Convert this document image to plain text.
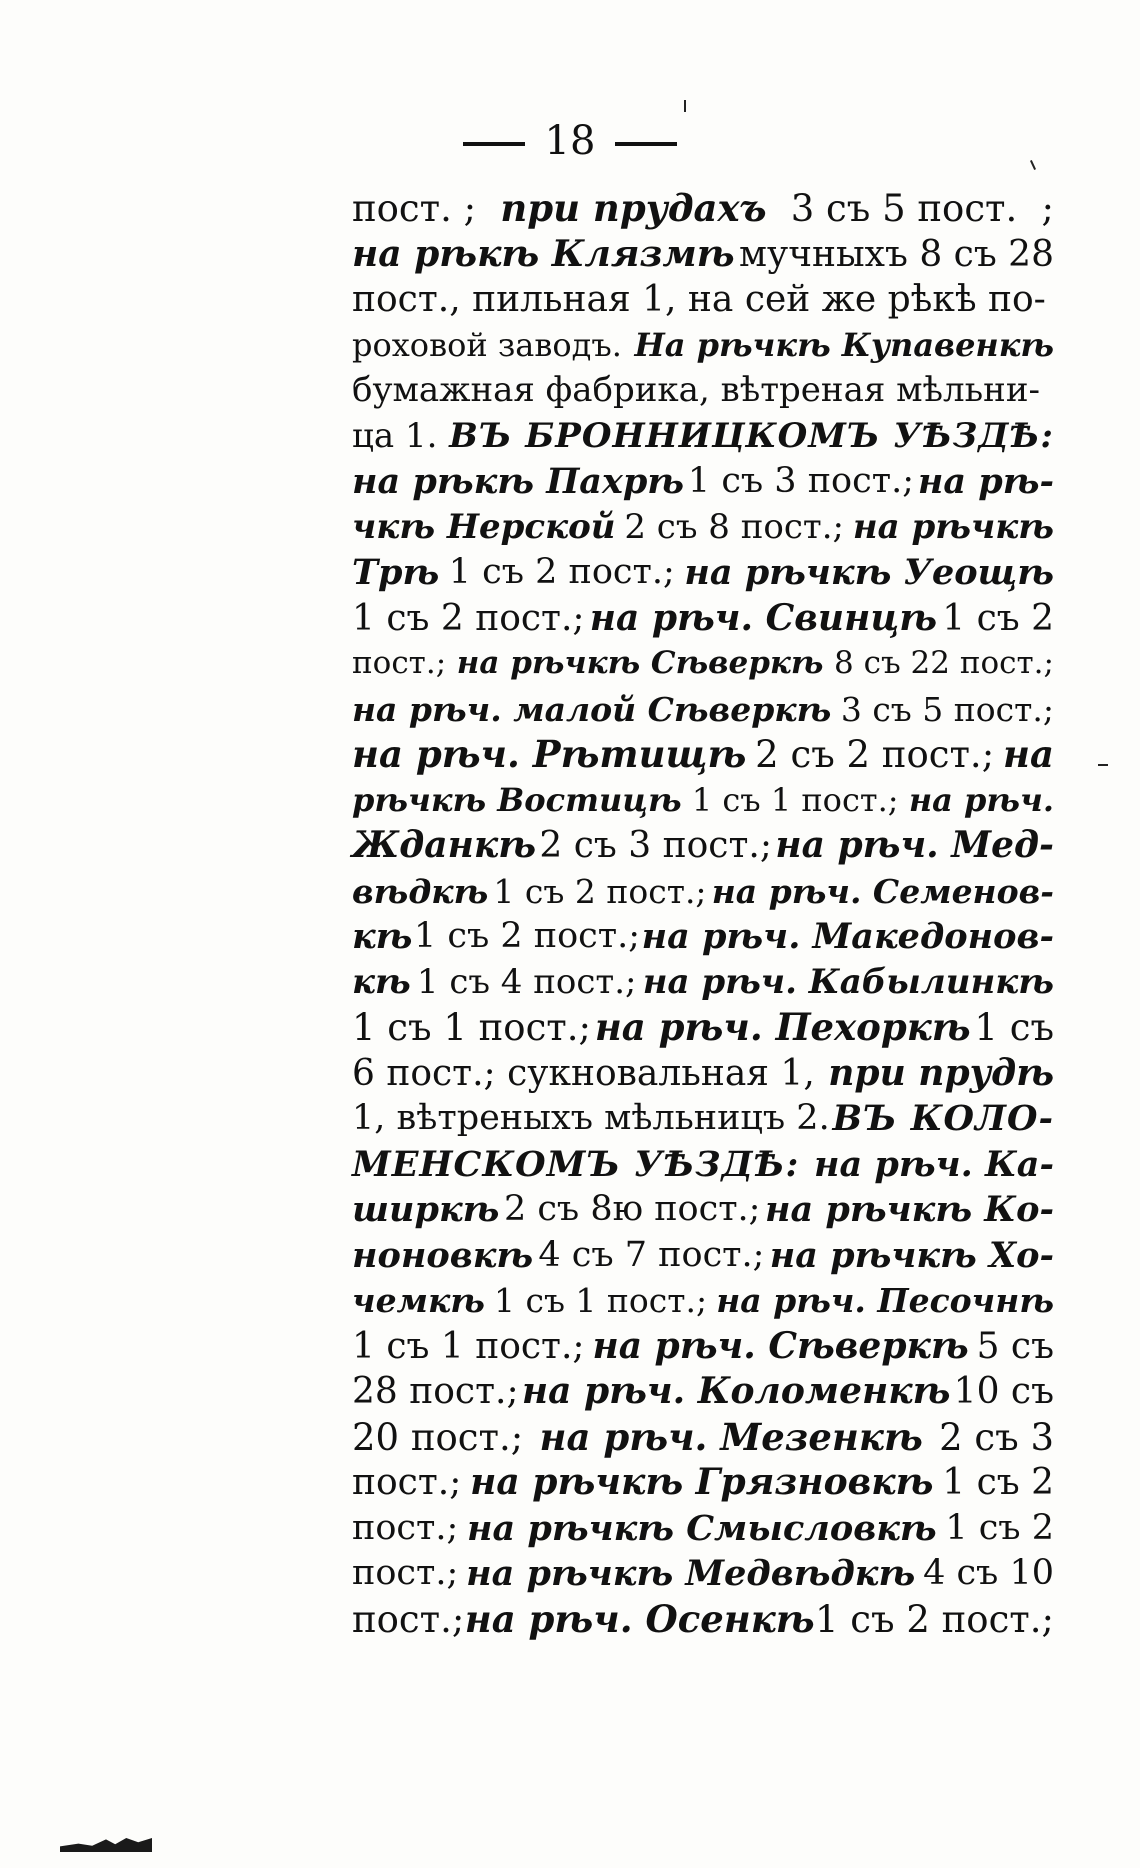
18
пост. ; при прудахъ 3 съ 5 пост. ;
на рѣкѣ Клязмѣ мучныхъ 8 съ 28
пост., пильная 1, на сей же рѣкѣ по-
роховой заводъ. На рѣчкѣ Купавенкѣ
бумажная фабрика, вѣтреная мѣльни-
ца 1. ВЪ БРОННИЦКОМЪ УѢЗДѢ:
на рѣкѣ Пахрѣ 1 съ 3 пост.; на рѣ-
чкѣ Нерской 2 съ 8 пост.; на рѣчкѣ
Трѣ 1 съ 2 пост.; на рѣчкѣ Уеощѣ
1 съ 2 пост.; на рѣч. Свинцѣ 1 съ 2
пост.; на рѣчкѣ Сѣверкѣ 8 съ 22 пост.;
на рѣч. малой Сѣверкѣ 3 съ 5 пост.;
на рѣч. Рѣтищѣ 2 съ 2 пост.; на
рѣчкѣ Востицѣ 1 съ 1 пост.; на рѣч.
Жданкѣ 2 съ 3 пост.; на рѣч. Мед-
вѣдкѣ 1 съ 2 пост.; на рѣч. Семенов-
кѣ 1 съ 2 пост.; на рѣч. Македонов-
кѣ 1 съ 4 пост.; на рѣч. Кабылинкѣ
1 съ 1 пост.; на рѣч. Пехоркѣ 1 съ
6 пост.; сукновальная 1, при прудѣ
1, вѣтреныхъ мѣльницъ 2. ВЪ КОЛО-
МЕНСКОМЪ УѢЗДѢ: на рѣч. Ка-
ширкѣ 2 съ 8ю пост.; на рѣчкѣ Ко-
ноновкѣ 4 съ 7 пост.; на рѣчкѣ Хо-
чемкѣ 1 съ 1 пост.; на рѣч. Песочнѣ
1 съ 1 пост.; на рѣч. Сѣверкѣ 5 съ
28 пост.; на рѣч. Коломенкѣ 10 съ
20 пост.; на рѣч. Мезенкѣ 2 съ 3
пост.; на рѣчкѣ Грязновкѣ 1 съ 2
пост.; на рѣчкѣ Смысловкѣ 1 съ 2
пост.; на рѣчкѣ Медвѣдкѣ 4 съ 10
пост.; на рѣч. Осенкѣ 1 съ 2 пост.;
